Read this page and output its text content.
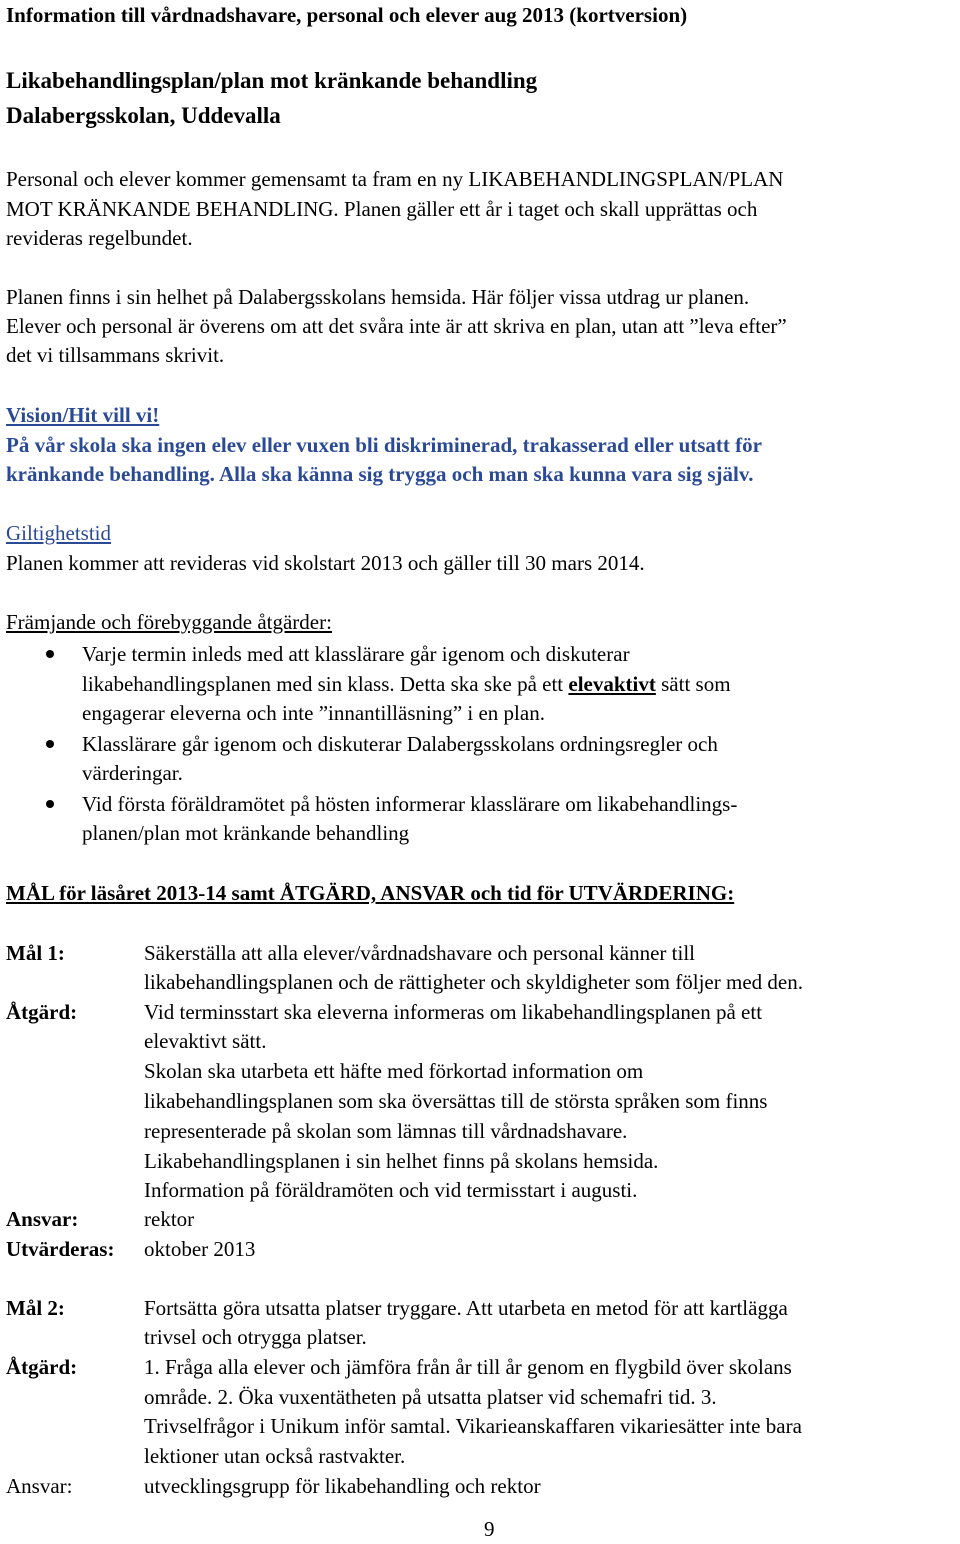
Information till vårdnadshavare, personal och elever aug 2013 (kortversion)
Likabehandlingsplan/plan mot kränkande behandling
Dalabergsskolan, Uddevalla
Personal och elever kommer gemensamt ta fram en ny LIKABEHANDLINGSPLAN/PLAN
MOT KRÄNKANDE BEHANDLING. Planen gäller ett år i taget och skall upprättas och
revideras regelbundet.
Planen finns i sin helhet på Dalabergsskolans hemsida. Här följer vissa utdrag ur planen.
Elever och personal är överens om att det svåra inte är att skriva en plan, utan att ”leva efter”
det vi tillsammans skrivit.
Vision/Hit vill vi!
På vår skola ska ingen elev eller vuxen bli diskriminerad, trakasserad eller utsatt för
kränkande behandling. Alla ska känna sig trygga och man ska kunna vara sig själv.
Giltighetstid
Planen kommer att revideras vid skolstart 2013 och gäller till 30 mars 2014.
Främjande och förebyggande åtgärder:
Varje termin inleds med att klasslärare går igenom och diskuterar
likabehandlingsplanen med sin klass. Detta ska ske på ett elevaktivt sätt som
engagerar eleverna och inte ”innantilläsning” i en plan.
Klasslärare går igenom och diskuterar Dalabergsskolans ordningsregler och
värderingar.
Vid första föräldramötet på hösten informerar klasslärare om likabehandlings-
planen/plan mot kränkande behandling
MÅL för läsåret 2013-14 samt ÅTGÄRD, ANSVAR och tid för UTVÄRDERING:
Mål 1:	Säkerställa att alla elever/vårdnadshavare och personal känner till
likabehandlingsplanen och de rättigheter och skyldigheter som följer med den.
Åtgärd:	Vid terminsstart ska eleverna informeras om likabehandlingsplanen på ett
elevaktivt sätt.
Skolan ska utarbeta ett häfte med förkortad information om
likabehandlingsplanen som ska översättas till de största språken som finns
representerade på skolan som lämnas till vårdnadshavare.
Likabehandlingsplanen i sin helhet finns på skolans hemsida.
Information på föräldramöten och vid termisstart i augusti.
Ansvar:	rektor
Utvärderas: oktober 2013
Mål 2:	Fortsätta göra utsatta platser tryggare. Att utarbeta en metod för att kartlägga
trivsel och otrygga platser.
Åtgärd:	1. Fråga alla elever och jämföra från år till år genom en flygbild över skolans
område. 2. Öka vuxentätheten på utsatta platser vid schemafri tid. 3.
Trivselfrågor i Unikum inför samtal. Vikarieanskaffaren vikariesätter inte bara
lektioner utan också rastvakter.
Ansvar:	utvecklingsgrupp för likabehandling och rektor
9
